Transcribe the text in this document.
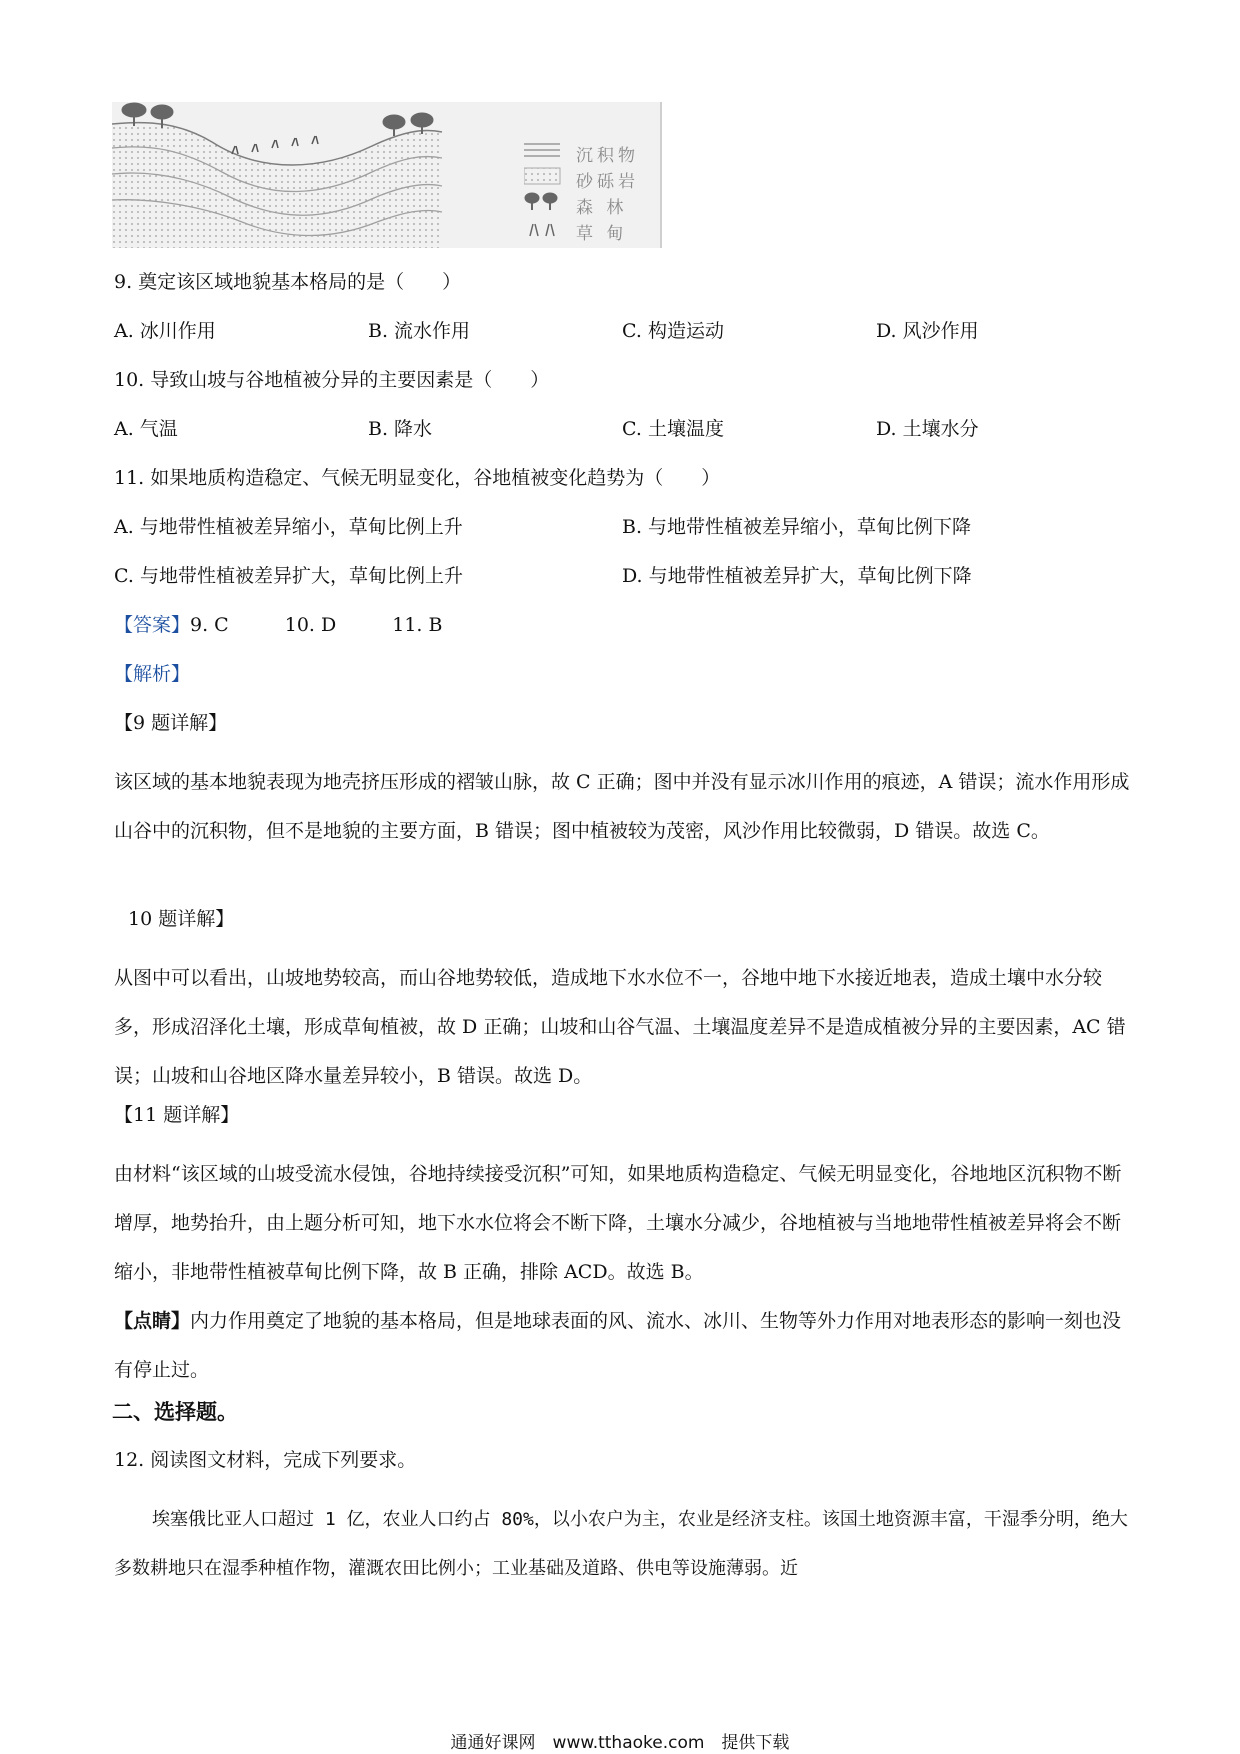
沉积物
砂砾岩
森 林
草 甸
9. 奠定该区域地貌基本格局的是（　　）
A. 冰川作用	B. 流水作用	C. 构造运动	D. 风沙作用
10. 导致山坡与谷地植被分异的主要因素是（　　）
A. 气温	B. 降水	C. 土壤温度	D. 土壤水分
11. 如果地质构造稳定、气候无明显变化，谷地植被变化趋势为（　　）
A. 与地带性植被差异缩小，草甸比例上升	B. 与地带性植被差异缩小，草甸比例下降
C. 与地带性植被差异扩大，草甸比例上升	D. 与地带性植被差异扩大，草甸比例下降
【答案】9. C	10. D	11. B
【解析】
【9 题详解】
该区域的基本地貌表现为地壳挤压形成的褶皱山脉，故 C 正确；图中并没有显示冰川作用的痕迹，A 错误；流水作用形成山谷中的沉积物，但不是地貌的主要方面，B 错误；图中植被较为茂密，风沙作用比较微弱，D 错误。故选 C。
10 题详解】
从图中可以看出，山坡地势较高，而山谷地势较低，造成地下水水位不一，谷地中地下水接近地表，造成土壤中水分较多，形成沼泽化土壤，形成草甸植被，故 D 正确；山坡和山谷气温、土壤温度差异不是造成植被分异的主要因素，AC 错误；山坡和山谷地区降水量差异较小，B 错误。故选 D。
【11 题详解】
由材料“该区域的山坡受流水侵蚀，谷地持续接受沉积”可知，如果地质构造稳定、气候无明显变化，谷地地区沉积物不断增厚，地势抬升，由上题分析可知，地下水水位将会不断下降，土壤水分减少，谷地植被与当地地带性植被差异将会不断缩小，非地带性植被草甸比例下降，故 B 正确，排除 ACD。故选 B。
【点睛】内力作用奠定了地貌的基本格局，但是地球表面的风、流水、冰川、生物等外力作用对地表形态的影响一刻也没有停止过。
二、选择题。
12. 阅读图文材料，完成下列要求。
埃塞俄比亚人口超过 1 亿，农业人口约占 80%，以小农户为主，农业是经济支柱。该国土地资源丰富，干湿季分明，绝大多数耕地只在湿季种植作物，灌溉农田比例小；工业基础及道路、供电等设施薄弱。近
通通好课网　www.tthaoke.com　提供下载
